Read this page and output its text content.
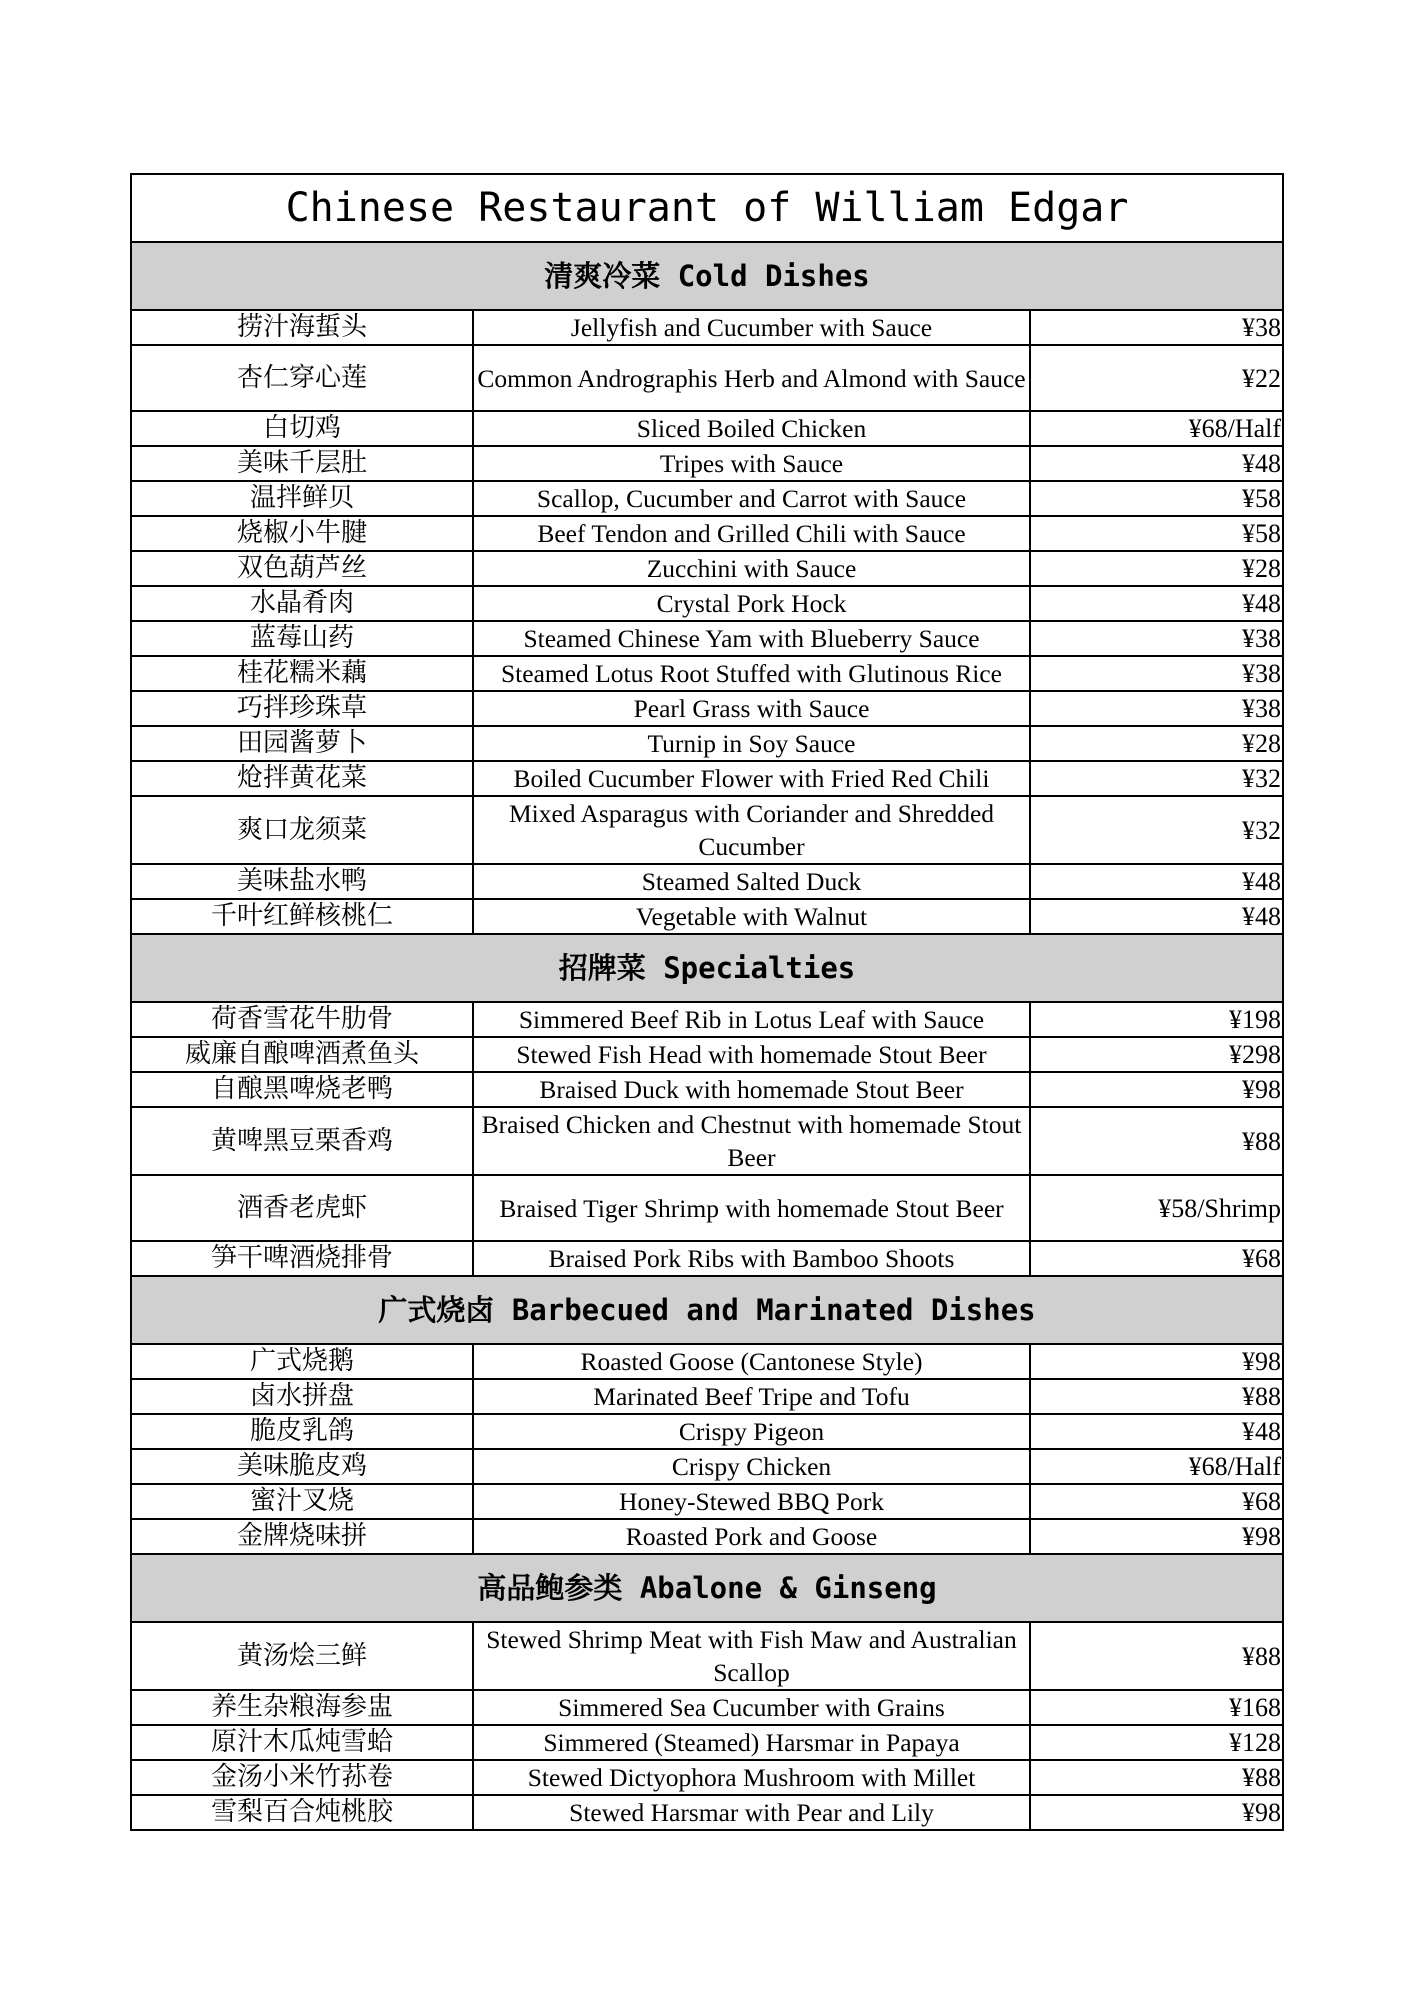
Chinese Restaurant of William Edgar		
清爽冷菜 Cold Dishes		
捞汁海蜇头	Jellyfish and Cucumber with Sauce	¥38
杏仁穿心莲	Common Andrographis Herb and Almond with Sauce	¥22
白切鸡	Sliced Boiled Chicken	¥68/Half
美味千层肚	Tripes with Sauce	¥48
温拌鲜贝	Scallop, Cucumber and Carrot with Sauce	¥58
烧椒小牛腱	Beef Tendon and Grilled Chili with Sauce	¥58
双色葫芦丝	Zucchini with Sauce	¥28
水晶肴肉	Crystal Pork Hock	¥48
蓝莓山药	Steamed Chinese Yam with Blueberry Sauce	¥38
桂花糯米藕	Steamed Lotus Root Stuffed with Glutinous Rice	¥38
巧拌珍珠草	Pearl Grass with Sauce	¥38
田园酱萝卜	Turnip in Soy Sauce	¥28
炝拌黄花菜	Boiled Cucumber Flower with Fried Red Chili	¥32
爽口龙须菜	Mixed Asparagus with Coriander and Shredded Cucumber	¥32
美味盐水鸭	Steamed Salted Duck	¥48
千叶红鲜核桃仁	Vegetable with Walnut	¥48
招牌菜 Specialties		
荷香雪花牛肋骨	Simmered Beef Rib in Lotus Leaf with Sauce	¥198
威廉自酿啤酒煮鱼头	Stewed Fish Head with homemade Stout Beer	¥298
自酿黑啤烧老鸭	Braised Duck with homemade Stout Beer	¥98
黄啤黑豆栗香鸡	Braised Chicken and Chestnut with homemade Stout Beer	¥88
酒香老虎虾	Braised Tiger Shrimp with homemade Stout Beer	¥58/Shrimp
笋干啤酒烧排骨	Braised Pork Ribs with Bamboo Shoots	¥68
广式烧卤 Barbecued and Marinated Dishes		
广式烧鹅	Roasted Goose (Cantonese Style)	¥98
卤水拼盘	Marinated Beef Tripe and Tofu	¥88
脆皮乳鸽	Crispy Pigeon	¥48
美味脆皮鸡	Crispy Chicken	¥68/Half
蜜汁叉烧	Honey-Stewed BBQ Pork	¥68
金牌烧味拼	Roasted Pork and Goose	¥98
高品鲍参类 Abalone & Ginseng		
黄汤烩三鲜	Stewed Shrimp Meat with Fish Maw and Australian Scallop	¥88
养生杂粮海参盅	Simmered Sea Cucumber with Grains	¥168
原汁木瓜炖雪蛤	Simmered (Steamed) Harsmar in Papaya	¥128
金汤小米竹荪卷	Stewed Dictyophora Mushroom with Millet	¥88
雪梨百合炖桃胶	Stewed Harsmar with Pear and Lily	¥98
